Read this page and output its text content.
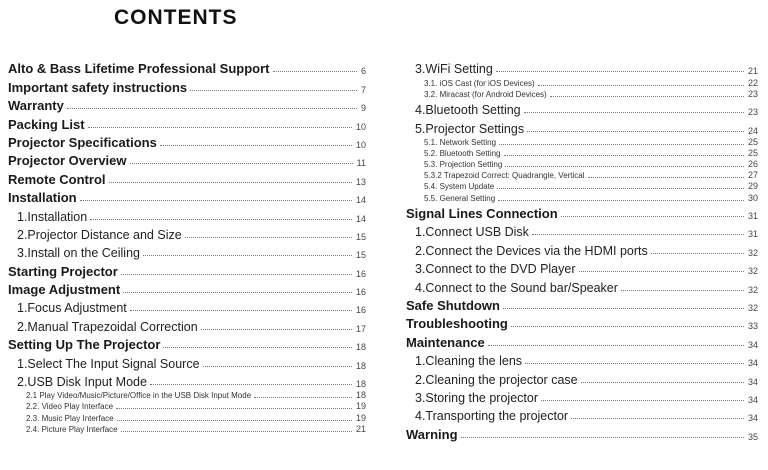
CONTENTS
Alto & Bass Lifetime Professional Support	6
Important safety instructions	7
Warranty	9
Packing List	10
Projector Specifications	10
Projector Overview	11
Remote Control	13
Installation	14
1.Installation	14
2.Projector Distance and Size	15
3.Install on the Ceiling	15
Starting Projector	16
Image Adjustment	16
1.Focus Adjustment	16
2.Manual Trapezoidal Correction	17
Setting Up The Projector	18
1.Select The Input Signal Source	18
2.USB Disk Input Mode	18
2.1 Play Video/Music/Picture/Office in the USB Disk Input Mode	18
2.2. Video Play Interface	19
2.3. Music Play Interface	19
2.4. Picture Play Interface	21
3.WiFi Setting	21
3.1. iOS Cast (for iOS Devices)	22
3.2. Miracast (for Android Devices)	23
4.Bluetooth Setting	23
5.Projector Settings	24
5.1. Network Setting	25
5.2. Bluetooth Setting	25
5.3. Projection Setting	26
5.3.2 Trapezoid Correct: Quadrangle, Vertical	27
5.4. System Update	29
5.5. General Setting	30
Signal Lines Connection	31
1.Connect USB Disk	31
2.Connect the Devices via the HDMI ports	32
3.Connect to the DVD Player	32
4.Connect to the Sound bar/Speaker	32
Safe Shutdown	32
Troubleshooting	33
Maintenance	34
1.Cleaning the lens	34
2.Cleaning the projector case	34
3.Storing the projector	34
4.Transporting the projector	34
Warning	35
